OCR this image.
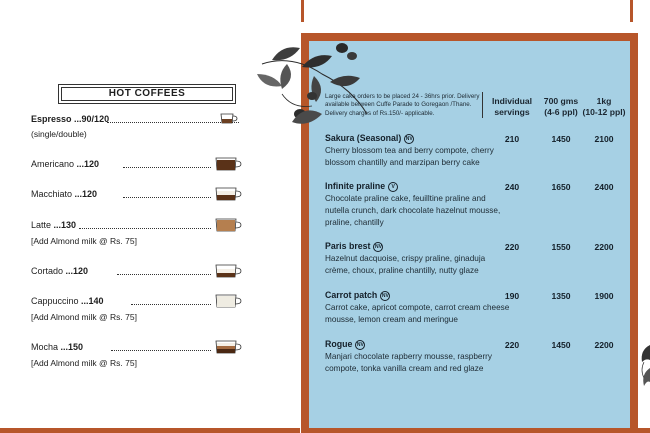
HOT COFFEES
Espresso ...90/120
(single/double)
Americano ...120
Macchiato ...120
Latte ...130
[Add Almond milk @ Rs. 75]
Cortado ...120
Cappuccino ...140
[Add Almond milk @ Rs. 75]
Mocha ...150
[Add Almond milk @ Rs. 75]
Large cake orders to be placed 24 - 36hrs prior. Delivery available between Cuffe Parade to Goregaon /Thane. Delivery charges of Rs.150/- applicable.
Individual
servings
700 gms
(4-6 ppl)
1kg
(10-12 ppl)
Sakura (Seasonal) NV
Cherry blossom tea and berry compote, cherry blossom chantilly and marzipan berry cake
210	1450	2100
Infinite praline V
Chocolate praline cake, feuilltine praline and nutella crunch, dark chocolate hazelnut mousse, praline, chantilly
240	1650	2400
Paris brest NV
Hazelnut dacquoise, crispy praline, ginaduja crème, choux, praline chantilly, nutty glaze
220	1550	2200
Carrot patch NV
Carrot cake, apricot compote, carrot cream cheese mousse, lemon cream and meringue
190	1350	1900
Rogue NV
Manjari chocolate rapberry mousse, raspberry compote, tonka vanilla cream and red glaze
220	1450	2200
